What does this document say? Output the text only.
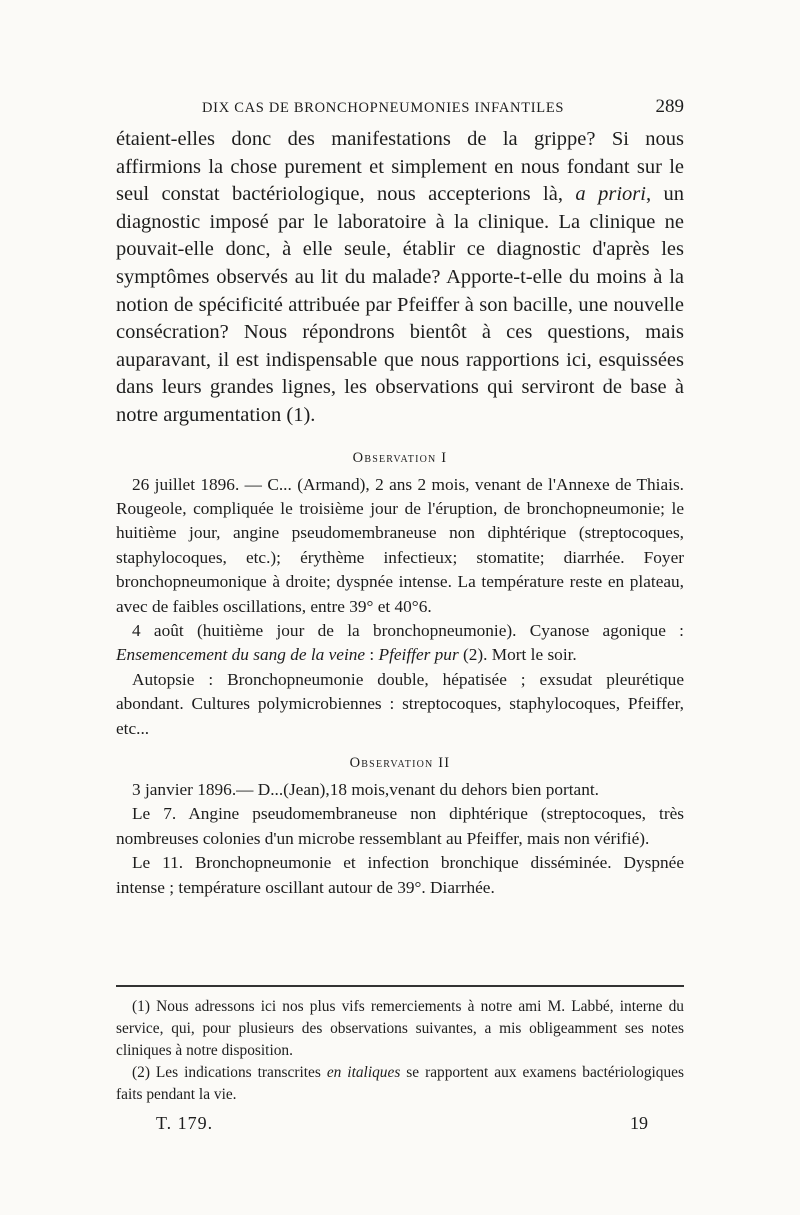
DIX CAS DE BRONCHOPNEUMONIES INFANTILES	289

étaient-elles donc des manifestations de la grippe? Si nous affirmions la chose purement et simplement en nous fondant sur le seul constat bactériologique, nous accepterions là, a priori, un diagnostic imposé par le laboratoire à la clinique. La clinique ne pouvait-elle donc, à elle seule, établir ce diagnostic d'après les symptômes observés au lit du malade? Apporte-t-elle du moins à la notion de spécificité attribuée par Pfeiffer à son bacille, une nouvelle consécration? Nous répondrons bientôt à ces questions, mais auparavant, il est indispensable que nous rapportions ici, esquissées dans leurs grandes lignes, les observations qui serviront de base à notre argumentation (1).

Observation I

26 juillet 1896. — C... (Armand), 2 ans 2 mois, venant de l'Annexe de Thiais. Rougeole, compliquée le troisième jour de l'éruption, de bronchopneumonie; le huitième jour, angine pseudomembraneuse non diphtérique (streptocoques, staphylocoques, etc.); érythème infectieux; stomatite; diarrhée. Foyer bronchopneumonique à droite; dyspnée intense. La température reste en plateau, avec de faibles oscillations, entre 39° et 40°6.

4 août (huitième jour de la bronchopneumonie). Cyanose agonique : Ensemencement du sang de la veine : Pfeiffer pur (2). Mort le soir.

Autopsie : Bronchopneumonie double, hépatisée ; exsudat pleurétique abondant. Cultures polymicrobiennes : streptocoques, staphylocoques, Pfeiffer, etc...

Observation II

3 janvier 1896.— D...(Jean),18 mois,venant du dehors bien portant.

Le 7. Angine pseudomembraneuse non diphtérique (streptocoques, très nombreuses colonies d'un microbe ressemblant au Pfeiffer, mais non vérifié).

Le 11. Bronchopneumonie et infection bronchique disséminée. Dyspnée intense ; température oscillant autour de 39°. Diarrhée.

(1) Nous adressons ici nos plus vifs remerciements à notre ami M. Labbé, interne du service, qui, pour plusieurs des observations suivantes, a mis obligeamment ses notes cliniques à notre disposition.

(2) Les indications transcrites en italiques se rapportent aux examens bactériologiques faits pendant la vie.

T. 179.	19
